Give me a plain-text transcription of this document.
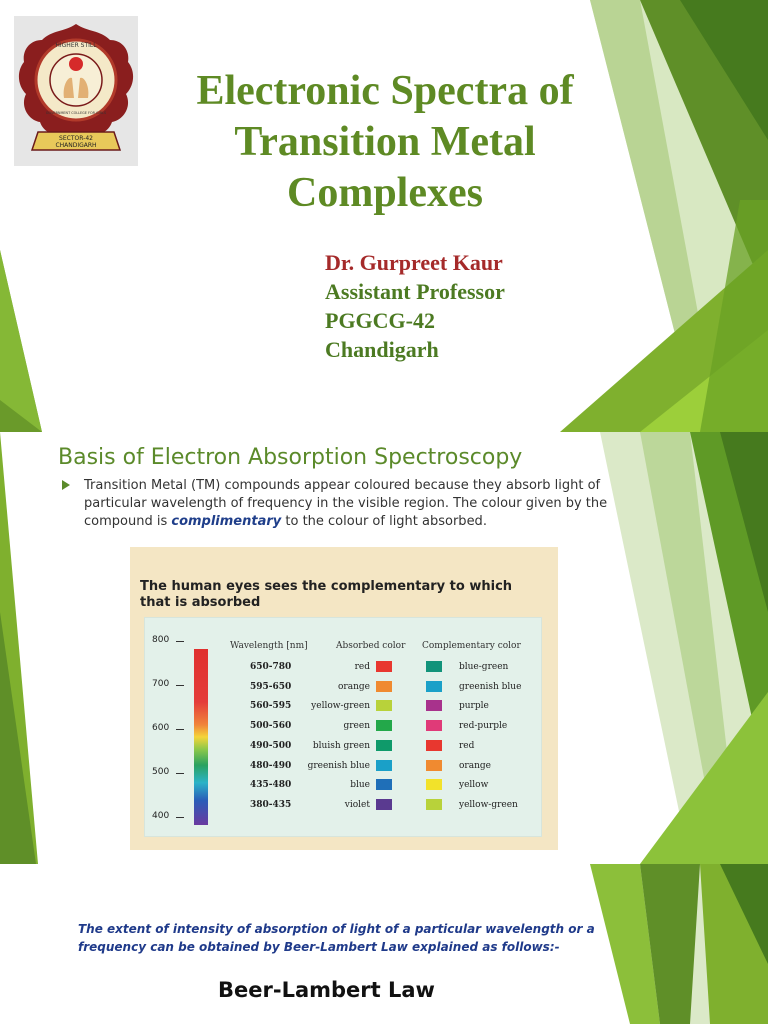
HIGHER STILL
GOVERNMENT COLLEGE FOR GIRLS
SECTOR-42
CHANDIGARH
Electronic Spectra of
Transition Metal
Complexes
Dr. Gurpreet Kaur
Assistant Professor
PGGCG-42
Chandigarh
Basis of Electron Absorption Spectroscopy
Transition Metal (TM) compounds appear coloured because they absorb light of particular wavelength of frequency in the visible region. The colour given by the compound is complimentary to the colour of light absorbed.
The human eyes sees the complementary to which that is absorbed
800
700
600
500
400
Wavelength [nm]	Absorbed color Complementary color
650-780	red	blue-green
595-650	orange	greenish blue
560-595	yellow-green	purple
500-560	green	red-purple
490-500	bluish green	red
480-490	greenish blue	orange
435-480	blue	yellow
380-435	violet	yellow-green
The extent of intensity of absorption of light of a particular wavelength or a frequency can be obtained by Beer-Lambert Law explained as follows:-
Beer-Lambert Law
